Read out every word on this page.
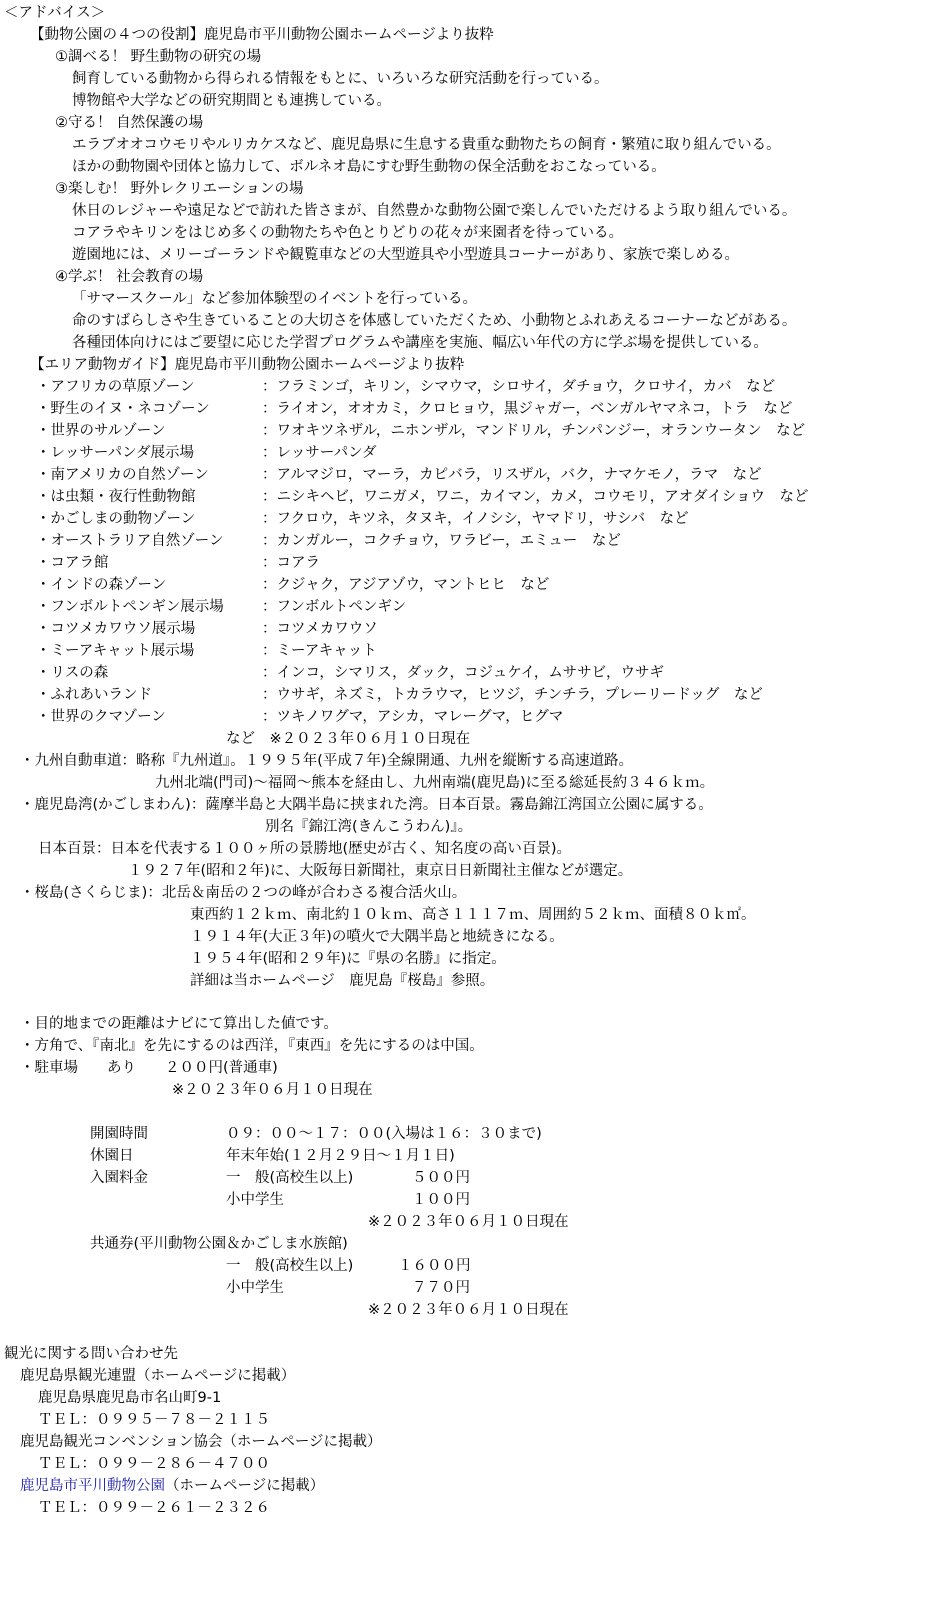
＜アドバイス＞
【動物公園の４つの役割】鹿児島市平川動物公園ホームページより抜粋
①調べる！ 野生動物の研究の場
飼育している動物から得られる情報をもとに、いろいろな研究活動を行っている。
博物館や大学などの研究期間とも連携している。
②守る！ 自然保護の場
エラブオオコウモリやルリカケスなど、鹿児島県に生息する貴重な動物たちの飼育・繁殖に取り組んでいる。
ほかの動物園や団体と協力して、ボルネオ島にすむ野生動物の保全活動をおこなっている。
③楽しむ！ 野外レクリエーションの場
休日のレジャーや遠足などで訪れた皆さまが、自然豊かな動物公園で楽しんでいただけるよう取り組んでいる。
コアラやキリンをはじめ多くの動物たちや色とりどりの花々が来園者を待っている。
遊園地には、メリーゴーランドや観覧車などの大型遊具や小型遊具コーナーがあり、家族で楽しめる。
④学ぶ！ 社会教育の場
「サマースクール」など参加体験型のイベントを行っている。
命のすばらしさや生きていることの大切さを体感していただくため、小動物とふれあえるコーナーなどがある。
各種団体向けにはご要望に応じた学習プログラムや講座を実施、幅広い年代の方に学ぶ場を提供している。
【エリア動物ガイド】鹿児島市平川動物公園ホームページより抜粋
・アフリカの草原ゾーン	：フラミンゴ，キリン，シマウマ，シロサイ，ダチョウ，クロサイ，カバ　など
・野生のイヌ・ネコゾーン	：ライオン，オオカミ，クロヒョウ，黒ジャガー，ベンガルヤマネコ，トラ　など
・世界のサルゾーン	：ワオキツネザル，ニホンザル，マンドリル，チンパンジー，オランウータン　など
・レッサーパンダ展示場	：レッサーパンダ
・南アメリカの自然ゾーン	：アルマジロ，マーラ，カピバラ，リスザル，バク，ナマケモノ，ラマ　など
・は虫類・夜行性動物館	：ニシキヘビ，ワニガメ，ワニ，カイマン，カメ，コウモリ，アオダイショウ　など
・かごしまの動物ゾーン	：フクロウ，キツネ，タヌキ，イノシシ，ヤマドリ，サシバ　など
・オーストラリア自然ゾーン	：カンガルー，コクチョウ，ワラビー，エミュー　など
・コアラ館	：コアラ
・インドの森ゾーン	：クジャク，アジアゾウ，マントヒヒ　など
・フンボルトペンギン展示場	：フンボルトペンギン
・コツメカワウソ展示場	：コツメカワウソ
・ミーアキャット展示場	：ミーアキャット
・リスの森	：インコ，シマリス，ダック，コジュケイ，ムササビ，ウサギ
・ふれあいランド	：ウサギ，ネズミ，トカラウマ，ヒツジ，チンチラ，プレーリードッグ　など
・世界のクマゾーン	：ツキノワグマ，アシカ，マレーグマ，ヒグマ
など　※２０２３年０６月１０日現在
・九州自動車道：略称『九州道』。１９９５年(平成７年)全線開通、九州を縦断する高速道路。
九州北端(門司)～福岡～熊本を経由し、九州南端(鹿児島)に至る総延長約３４６ｋｍ。
・鹿児島湾(かごしまわん)：薩摩半島と大隅半島に挟まれた湾。日本百景。霧島錦江湾国立公園に属する。
別名『錦江湾(きんこうわん)』。
日本百景：日本を代表する１００ヶ所の景勝地(歴史が古く、知名度の高い百景)。
１９２７年(昭和２年)に、大阪毎日新聞社，東京日日新聞社主催などが選定。
・桜島(さくらじま)：北岳＆南岳の２つの峰が合わさる複合活火山。
東西約１２ｋｍ、南北約１０ｋｍ、高さ１１１７ｍ、周囲約５２ｋｍ、面積８０ｋ㎡。
１９１４年(大正３年)の噴火で大隅半島と地続きになる。
１９５４年(昭和２９年)に『県の名勝』に指定。
詳細は当ホームページ　鹿児島『桜島』参照。
・目的地までの距離はナビにて算出した値です。
・方角で、『南北』を先にするのは西洋，『東西』を先にするのは中国。
・駐車場　　あり　　２００円(普通車)
※２０２３年０６月１０日現在
開園時間	０９：００～１７：００(入場は１６：３０まで)
休園日	年末年始(１２月２９日～１月１日)
入園料金	一　般(高校生以上)	５００円
小中学生	１００円
※２０２３年０６月１０日現在
共通券(平川動物公園＆かごしま水族館)
一　般(高校生以上)	１６００円
小中学生	７７０円
※２０２３年０６月１０日現在
観光に関する問い合わせ先
鹿児島県観光連盟（ホームページに掲載）
鹿児島県鹿児島市名山町9-1
ＴＥＬ：０９９５－７８－２１１５
鹿児島観光コンベンション協会（ホームページに掲載）
ＴＥＬ：０９９－２８６－４７００
鹿児島市平川動物公園（ホームページに掲載）
ＴＥＬ：０９９－２６１－２３２６
